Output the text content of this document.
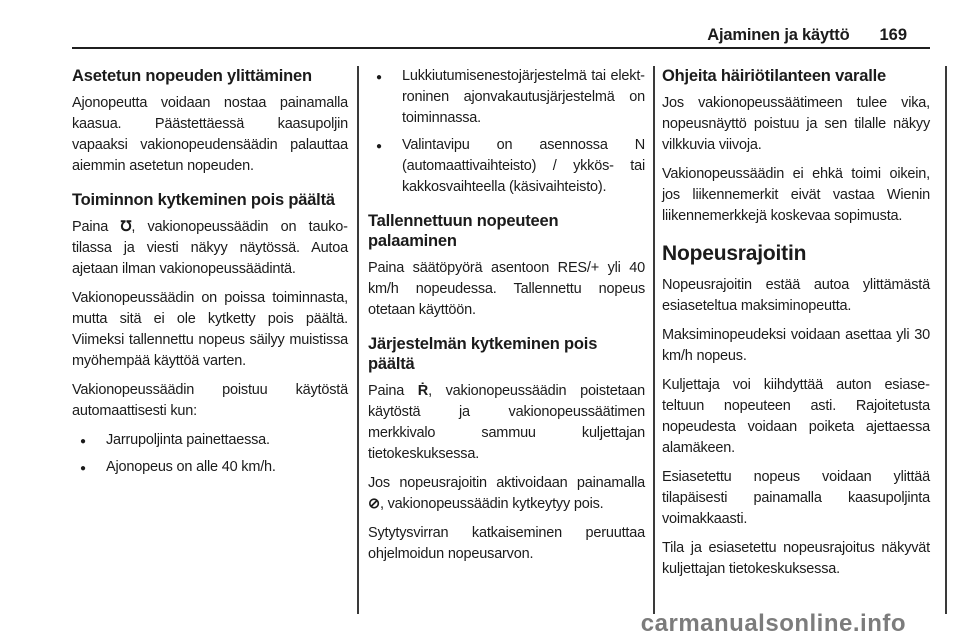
Ajaminen ja käyttö 169
Asetetun nopeuden ylittäminen

Ajonopeutta voidaan nostaa painamalla kaasua. Päästettäessä kaasupoljin vapaaksi vakionopeudensäädin palauttaa aiemmin asetetun nopeuden.

Toiminnon kytkeminen pois päältä

Paina ℧, vakionopeussäädin on taukotilassa ja viesti näkyy näytössä. Autoa ajetaan ilman vakionopeussäädintä.

Vakionopeussäädin on poissa toiminnasta, mutta sitä ei ole kytketty pois päältä. Viimeksi tallennettu nopeus säilyy muistissa myöhempää käyttöä varten.

Vakionopeussäädin poistuu käytöstä automaattisesti kun:

● Jarrupoljinta painettaessa.
● Ajonopeus on alle 40 km/h.
● Lukkiutumisenestojärjestelmä tai elektroninen ajonvakautusjärjestelmä on toiminnassa.
● Valintavipu on asennossa N (automaattivaihteisto) / ykkös- tai kakkosvaihteella (käsivaihteisto).
Tallennettuun nopeuteen palaaminen

Paina säätöpyörä asentoon RES/+ yli 40 km/h nopeudessa. Tallennettu nopeus otetaan käyttöön.

Järjestelmän kytkeminen pois päältä

Paina Ṙ, vakionopeussäädin poistetaan käytöstä ja vakionopeussäätimen merkkivalo sammuu kuljettajan tietokeskuksessa.

Jos nopeusrajoitin aktivoidaan painamalla ⊘, vakionopeussäädin kytkeytyy pois.

Sytytysvirran katkaiseminen peruuttaa ohjelmoidun nopeusarvon.

Ohjeita häiriötilanteen varalle

Jos vakionopeussäätimeen tulee vika, nopeusnäyttö poistuu ja sen tilalle näkyy vilkkuvia viivoja.

Vakionopeussäädin ei ehkä toimi oikein, jos liikennemerkit eivät vastaa Wienin liikennemerkkejä koskevaa sopimusta.

Nopeusrajoitin

Nopeusrajoitin estää autoa ylittämästä esiaseteltua maksiminopeutta.

Maksiminopeudeksi voidaan asettaa yli 30 km/h nopeus.

Kuljettaja voi kiihdyttää auton esiaseteltuun nopeuteen asti. Rajoitetusta nopeudesta voidaan poiketa ajettaessa alamäkeen.

Esiasetettu nopeus voidaan ylittää tilapäisesti painamalla kaasupoljinta voimakkaasti.

Tila ja esiasetettu nopeusrajoitus näkyvät kuljettajan tietokeskuksessa.

carmanualsonline.info
